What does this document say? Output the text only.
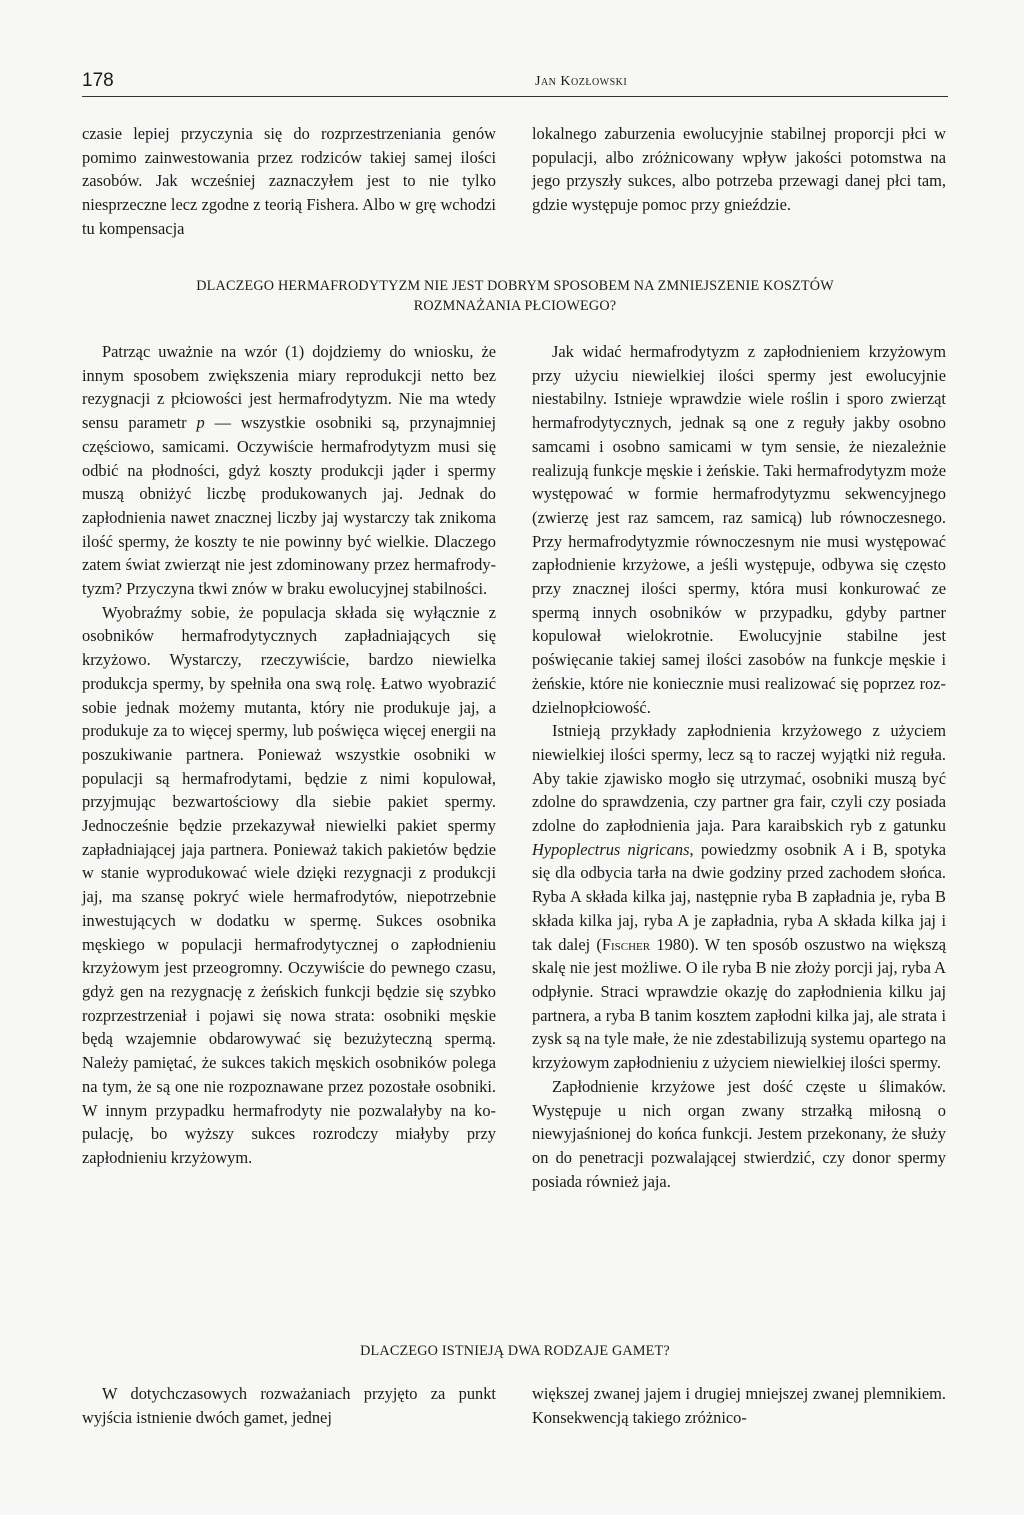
178	Jan Kozłowski

czasie lepiej przyczynia się do rozprzestrzeniania genów pomimo zainwestowania przez rodziców takiej samej ilości zasobów. Jak wcześniej zaznaczyłem jest to nie tylko niesprzeczne lecz zgodne z teorią Fishera. Albo w grę wchodzi tu kompensacja

lokalnego zaburzenia ewolucyjnie stabilnej proporcji płci w populacji, albo zróżnicowany wpływ jakości potomstwa na jego przyszły sukces, albo potrzeba przewagi danej płci tam, gdzie występuje pomoc przy gnieździe.

DLACZEGO HERMAFRODYTYZM NIE JEST DOBRYM SPOSOBEM NA ZMNIEJSZENIE KOSZTÓW
ROZMNAŻANIA PŁCIOWEGO?

Patrząc uważnie na wzór (1) dojdziemy do wniosku, że innym sposobem zwiększenia miary reprodukcji netto bez rezygnacji z płciowości jest hermafrodytyzm. Nie ma wtedy sensu parametr p — wszystkie osobniki są, przynajmniej częściowo, samicami. Oczywiście hermafrodytyzm musi się odbić na płodności, gdyż koszty produkcji jąder i spermy muszą obniżyć liczbę produkowanych jaj. Jednak do zapłodnienia nawet znacznej liczby jaj wystarczy tak znikoma ilość spermy, że koszty te nie powinny być wielkie. Dlaczego zatem świat zwierząt nie jest zdominowany przez hermafrodytyzm? Przyczyna tkwi znów w braku ewolucyjnej stabilności.

Wyobraźmy sobie, że populacja składa się wyłącznie z osobników hermafrodytycznych zapładniających się krzyżowo. Wystarczy, rzeczywiście, bardzo niewielka produkcja spermy, by spełniła ona swą rolę. Łatwo wyobrazić sobie jednak możemy mutanta, który nie produkuje jaj, a produkuje za to więcej spermy, lub poświęca więcej energii na poszukiwanie partnera. Ponieważ wszystkie osobniki w populacji są hermafrodytami, będzie z nimi kopulował, przyjmując bezwartościowy dla siebie pakiet spermy. Jednocześnie będzie przekazywał niewielki pakiet spermy zapładniającej jaja partnera. Ponieważ takich pakietów będzie w stanie wyprodukować wiele dzięki rezygnacji z produkcji jaj, ma szansę pokryć wiele hermafrodytów, niepotrzebnie inwestujących w dodatku w spermę. Sukces osobnika męskiego w populacji hermafrodytycznej o zapłodnieniu krzyżowym jest przeogromny. Oczywiście do pewnego czasu, gdyż gen na rezygnację z żeńskich funkcji będzie się szybko rozprzestrzeniał i pojawi się nowa strata: osobniki męskie będą wzajemnie obdarowywać się bezużyteczną spermą. Należy pamiętać, że sukces takich męskich osobników polega na tym, że są one nie rozpoznawane przez pozostałe osobniki. W innym przypadku hermafrodyty nie pozwalałyby na kopulację, bo wyższy sukces rozrodczy miałyby przy zapłodnieniu krzyżowym.

Jak widać hermafrodytyzm z zapłodnieniem krzyżowym przy użyciu niewielkiej ilości spermy jest ewolucyjnie niestabilny. Istnieje wprawdzie wiele roślin i sporo zwierząt hermafrodytycznych, jednak są one z reguły jakby osobno samcami i osobno samicami w tym sensie, że niezależnie realizują funkcje męskie i żeńskie. Taki hermafrodytyzm może występować w formie hermafrodytyzmu sekwencyjnego (zwierzę jest raz samcem, raz samicą) lub równoczesnego. Przy hermafrodytyzmie równoczesnym nie musi występować zapłodnienie krzyżowe, a jeśli występuje, odbywa się często przy znacznej ilości spermy, która musi konkurować ze spermą innych osobników w przypadku, gdyby partner kopulował wielokrotnie. Ewolucyjnie stabilne jest poświęcanie takiej samej ilości zasobów na funkcje męskie i żeńskie, które nie koniecznie musi realizować się poprzez rozdzielnopłciowość.

Istnieją przykłady zapłodnienia krzyżowego z użyciem niewielkiej ilości spermy, lecz są to raczej wyjątki niż reguła. Aby takie zjawisko mogło się utrzymać, osobniki muszą być zdolne do sprawdzenia, czy partner gra fair, czyli czy posiada zdolne do zapłodnienia jaja. Para karaibskich ryb z gatunku Hypoplectrus nigricans, powiedzmy osobnik A i B, spotyka się dla odbycia tarła na dwie godziny przed zachodem słońca. Ryba A składa kilka jaj, następnie ryba B zapładnia je, ryba B składa kilka jaj, ryba A je zapładnia, ryba A składa kilka jaj i tak dalej (Fischer 1980). W ten sposób oszustwo na większą skalę nie jest możliwe. O ile ryba B nie złoży porcji jaj, ryba A odpłynie. Straci wprawdzie okazję do zapłodnienia kilku jaj partnera, a ryba B tanim kosztem zapłodni kilka jaj, ale strata i zysk są na tyle małe, że nie zdestabilizują systemu opartego na krzyżowym zapłodnieniu z użyciem niewielkiej ilości spermy.

Zapłodnienie krzyżowe jest dość częste u ślimaków. Występuje u nich organ zwany strzałką miłosną o niewyjaśnionej do końca funkcji. Jestem przekonany, że służy on do penetracji pozwalającej stwierdzić, czy donor spermy posiada również jaja.

DLACZEGO ISTNIEJĄ DWA RODZAJE GAMET?

W dotychczasowych rozważaniach przyjęto za punkt wyjścia istnienie dwóch gamet, jednej

większej zwanej jajem i drugiej mniejszej zwanej plemnikiem. Konsekwencją takiego zróżnico-
